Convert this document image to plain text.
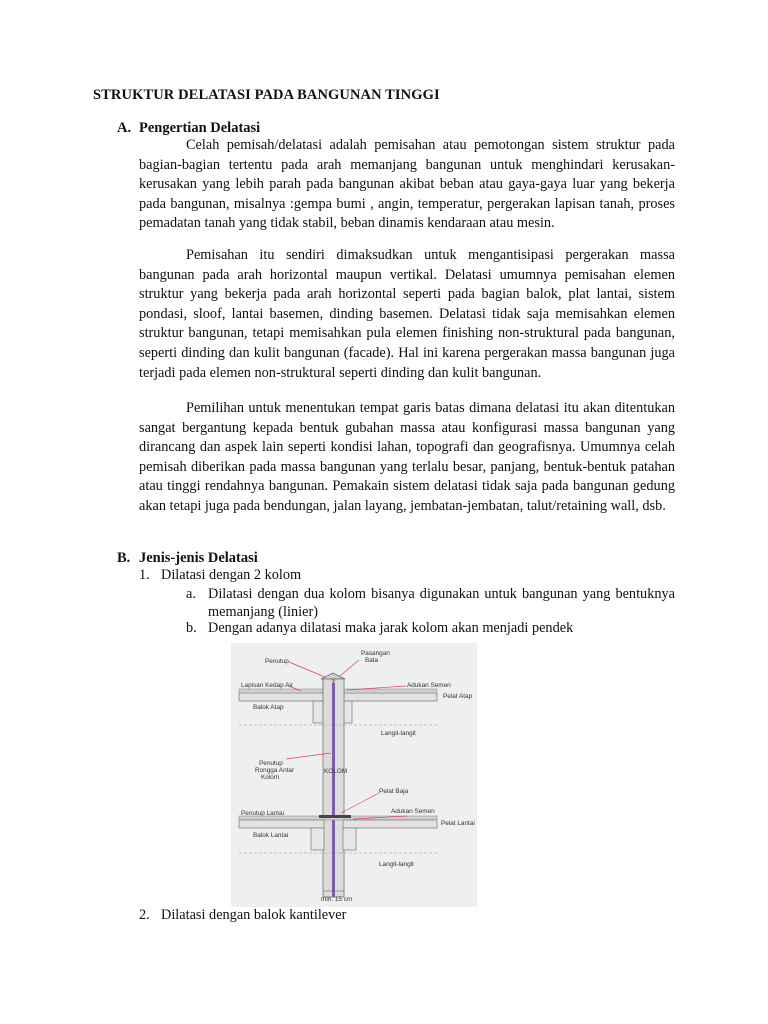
STRUKTUR DELATASI PADA BANGUNAN TINGGI
A. Pengertian Delatasi

Celah pemisah/delatasi adalah pemisahan atau pemotongan sistem struktur pada bagian-bagian tertentu pada arah memanjang bangunan untuk menghindari kerusakan-kerusakan yang lebih parah pada bangunan akibat beban atau gaya-gaya luar yang bekerja pada bangunan, misalnya :gempa bumi , angin, temperatur, pergerakan lapisan tanah, proses pemadatan tanah yang tidak stabil, beban dinamis kendaraan atau mesin.

Pemisahan itu sendiri dimaksudkan untuk mengantisipasi pergerakan massa bangunan pada arah horizontal maupun vertikal. Delatasi umumnya pemisahan elemen struktur yang bekerja pada arah horizontal seperti pada bagian balok, plat lantai, sistem pondasi, sloof, lantai basemen, dinding basemen. Delatasi tidak saja memisahkan elemen struktur bangunan, tetapi memisahkan pula elemen finishing non-struktural pada bangunan, seperti dinding dan kulit bangunan (facade). Hal ini karena pergerakan massa bangunan juga terjadi pada elemen non-struktural seperti dinding dan kulit bangunan.

Pemilihan untuk menentukan tempat garis batas dimana delatasi itu akan ditentukan sangat bergantung kepada bentuk gubahan massa atau konfigurasi massa bangunan yang dirancang dan aspek lain seperti kondisi lahan, topografi dan geografisnya. Umumnya celah pemisah diberikan pada massa bangunan yang terlalu besar, panjang, bentuk-bentuk patahan atau tinggi rendahnya bangunan. Pemakain sistem delatasi tidak saja pada bangunan gedung akan tetapi juga pada bendungan, jalan layang, jembatan-jembatan, talut/retaining wall, dsb.

B. Jenis-jenis Delatasi
1. Dilatasi dengan 2 kolom
a. Dilatasi dengan dua kolom bisanya digunakan untuk bangunan yang bentuknya memanjang (linier)
b. Dengan adanya dilatasi maka jarak kolom akan menjadi pendek
Penutup
Pasangan
Bata
Lapisan Kedap Air	Adukan Semen
Pelat Atap
Balok Atap
Langit-langit
Penutup
Rongga Antar
Kolom
KOLOM
Pelat Baja
Penutup Lantai	Adukan Semen
Pelat Lantai
Balok Lantai
Langit-langit
min. 15 cm
2. Dilatasi dengan balok kantilever
